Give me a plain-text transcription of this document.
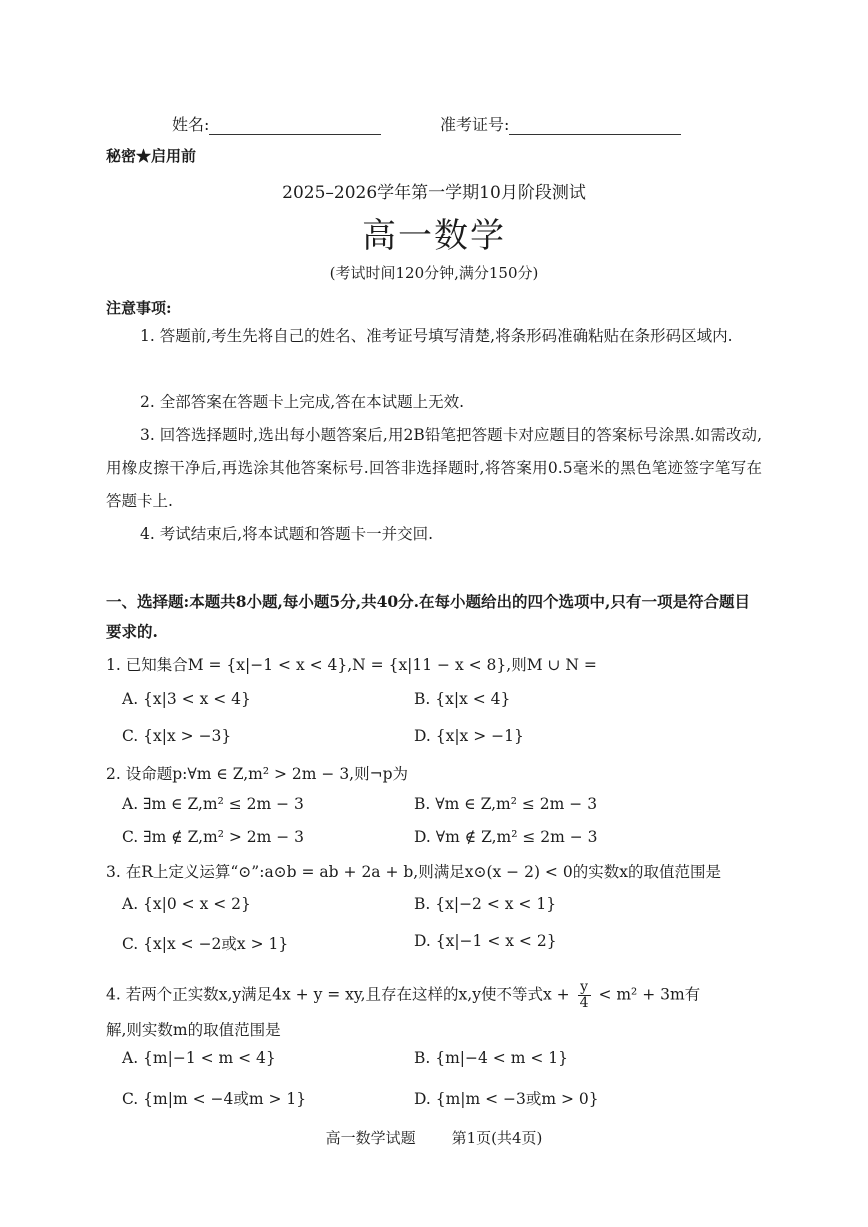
姓名:	准考证号:
秘密★启用前
2025–2026学年第一学期10月阶段测试
高一数学
(考试时间120分钟,满分150分)
注意事项:
1. 答题前,考生先将自己的姓名、准考证号填写清楚,将条形码准确粘贴在条形码区域内.
2. 全部答案在答题卡上完成,答在本试题上无效.
3. 回答选择题时,选出每小题答案后,用2B铅笔把答题卡对应题目的答案标号涂黑.如需改动,用橡皮擦干净后,再选涂其他答案标号.回答非选择题时,将答案用0.5毫米的黑色笔迹签字笔写在答题卡上.
4. 考试结束后,将本试题和答题卡一并交回.
一、选择题:本题共8小题,每小题5分,共40分.在每小题给出的四个选项中,只有一项是符合题目要求的.
1. 已知集合M = {x|−1 < x < 4},N = {x|11 − x < 8},则M ∪ N =
A. {x|3 < x < 4}	B. {x|x < 4}
C. {x|x > −3}	D. {x|x > −1}
2. 设命题p:∀m ∈ Z,m² > 2m − 3,则¬p为
A. ∃m ∈ Z,m² ≤ 2m − 3	B. ∀m ∈ Z,m² ≤ 2m − 3
C. ∃m ∉ Z,m² > 2m − 3	D. ∀m ∉ Z,m² ≤ 2m − 3
3. 在R上定义运算“⊙”:a⊙b = ab + 2a + b,则满足x⊙(x − 2) < 0的实数x的取值范围是
A. {x|0 < x < 2}	B. {x|−2 < x < 1}
C. {x|x < −2或x > 1}	D. {x|−1 < x < 2}
4. 若两个正实数x,y满足4x + y = xy,且存在这样的x,y使不等式$x + \frac{y}{4} < m^2 + 3m$有
解,则实数m的取值范围是
A. {m|−1 < m < 4}	B. {m|−4 < m < 1}
C. {m|m < −4或m > 1}	D. {m|m < −3或m > 0}
高一数学试题 第1页(共4页)
